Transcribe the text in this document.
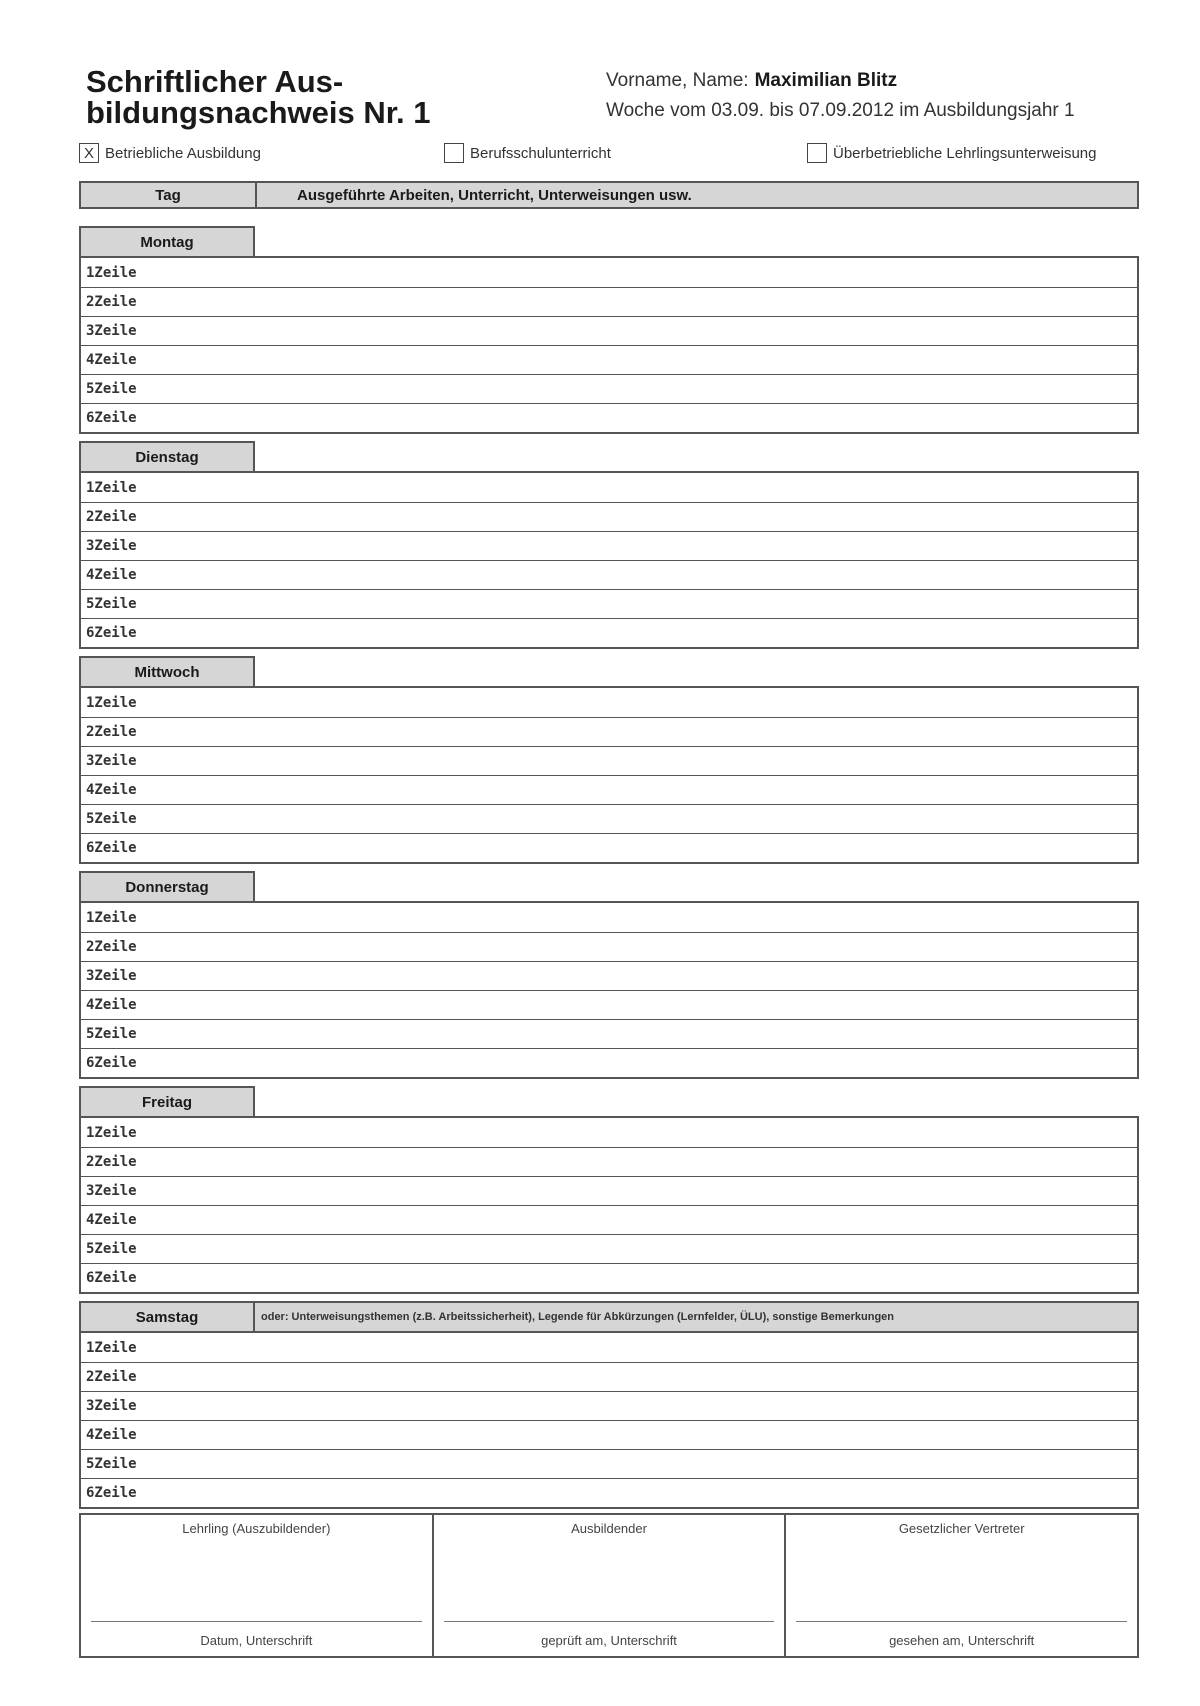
Schriftlicher Aus-
bildungsnachweis Nr. 1
Vorname, Name: Maximilian Blitz
Woche vom 03.09. bis 07.09.2012 im Ausbildungsjahr 1
X Betriebliche Ausbildung	Berufsschulunterricht	Überbetriebliche Lehrlingsunterweisung
Tag	Ausgeführte Arbeiten, Unterricht, Unterweisungen usw.
Montag
1Zeile
2Zeile
3Zeile
4Zeile
5Zeile
6Zeile
Dienstag
1Zeile
2Zeile
3Zeile
4Zeile
5Zeile
6Zeile
Mittwoch
1Zeile
2Zeile
3Zeile
4Zeile
5Zeile
6Zeile
Donnerstag
1Zeile
2Zeile
3Zeile
4Zeile
5Zeile
6Zeile
Freitag
1Zeile
2Zeile
3Zeile
4Zeile
5Zeile
6Zeile
Samstag	oder: Unterweisungsthemen (z.B. Arbeitssicherheit), Legende für Abkürzungen (Lernfelder, ÜLU), sonstige Bemerkungen
1Zeile
2Zeile
3Zeile
4Zeile
5Zeile
6Zeile
Lehrling (Auszubildender)
Datum, Unterschrift
Ausbildender
geprüft am, Unterschrift
Gesetzlicher Vertreter
gesehen am, Unterschrift
